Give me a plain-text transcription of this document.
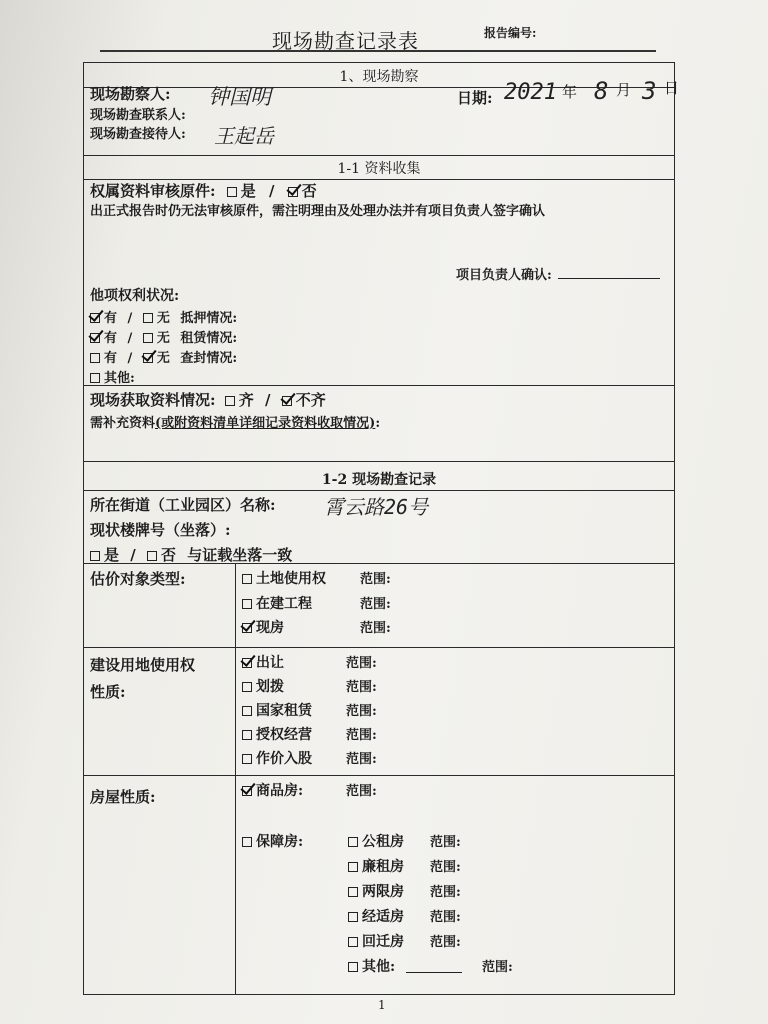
现场勘查记录表	报告编号:
1、现场勘察
现场勘察人: 钟国明
现场勘查联系人:
现场勘查接待人: 王起岳
日期: 2021 年 8 月 3 日
1-1 资料收集
权属资料审核原件: 是 / 否
出正式报告时仍无法审核原件，需注明理由及处理办法并有项目负责人签字确认
项目负责人确认:
他项权利状况:
有 / 无 抵押情况:
有 / 无 租赁情况:
有 / 无 查封情况:
其他:
现场获取资料情况: 齐 / 不齐
需补充资料(或附资料清单详细记录资料收取情况):
1-2 现场勘查记录
所在街道（工业园区）名称: 霄云路26号
现状楼牌号（坐落）:
是 / 否 与证载坐落一致
估价对象类型:	土地使用权	范围:
在建工程	范围:
现房	范围:
建设用地使用权
性质:
出让	范围:
划拨	范围:
国家租赁	范围:
授权经营	范围:
作价入股	范围:
房屋性质:	商品房:	范围:
保障房:	公租房 范围:
廉租房 范围:
两限房 范围:
经适房 范围:
回迁房 范围:
其他:	范围:
1
